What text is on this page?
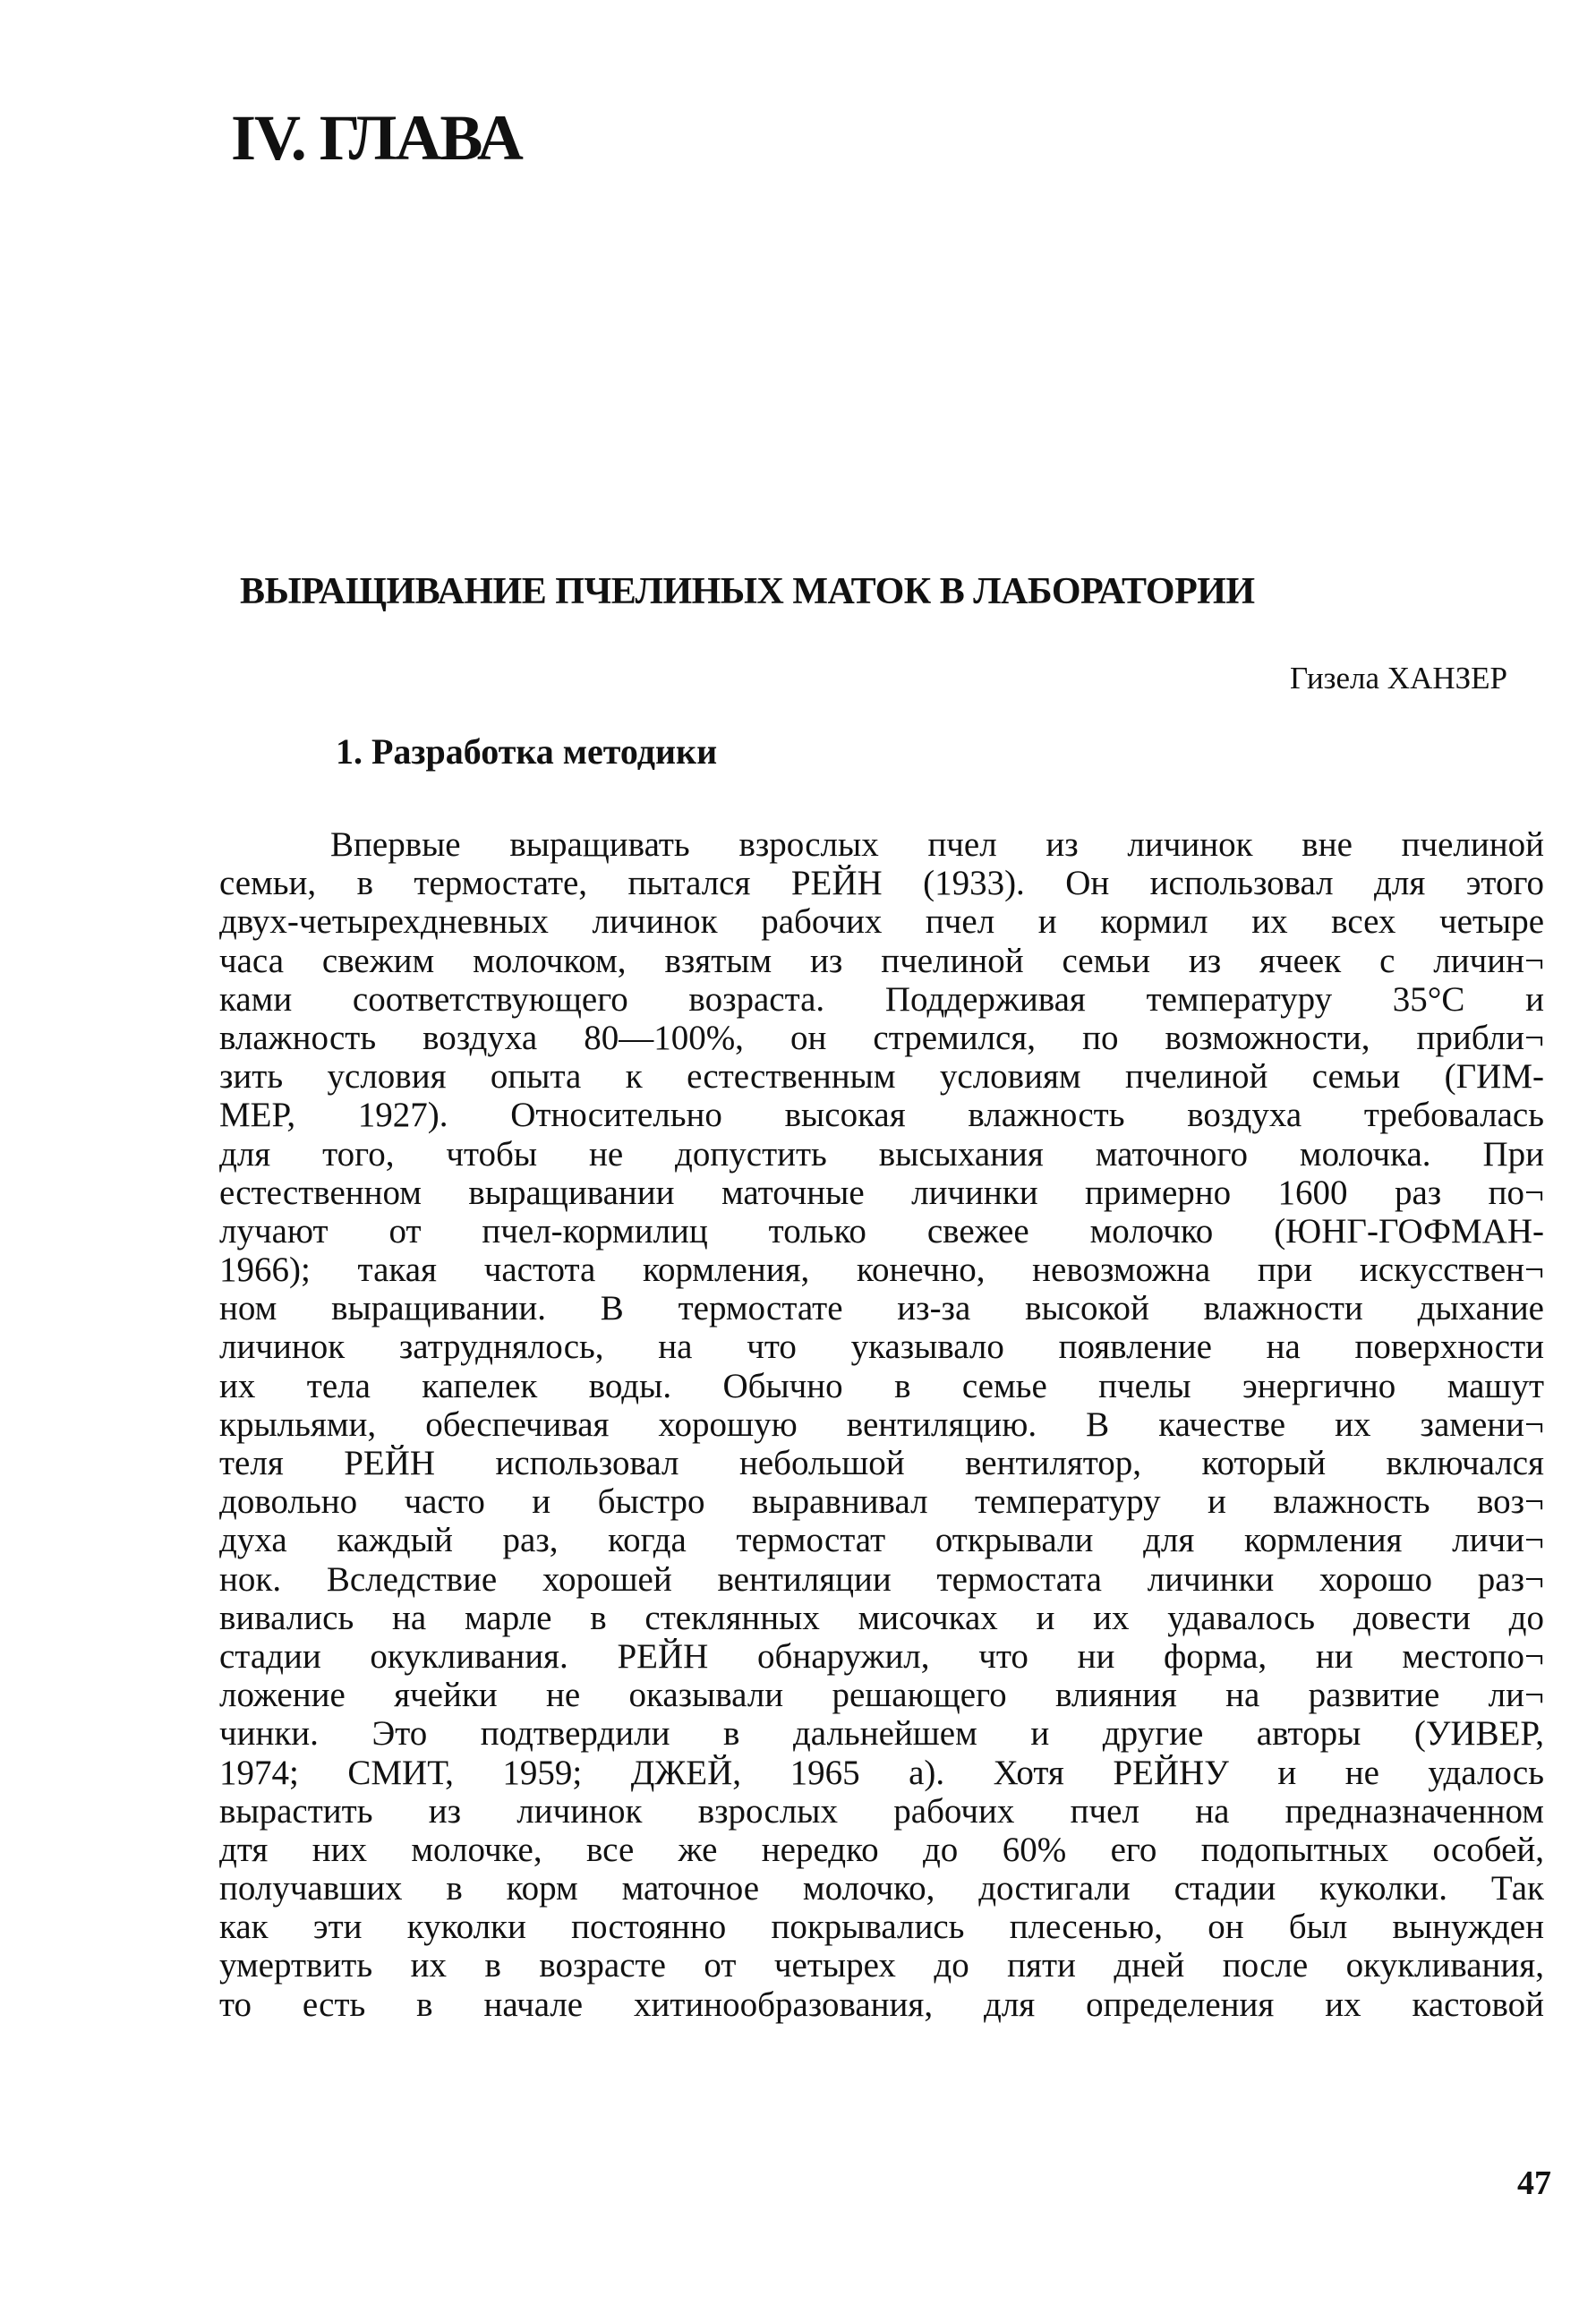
IV. ГЛАВА
ВЫРАЩИВАНИЕ ПЧЕЛИНЫХ МАТОК В ЛАБОРАТОРИИ

Гизела ХАНЗЕР

1. Разработка методики
Впервые выращивать взрослых пчел из личинок вне пчелиной
семьи, в термостате, пытался РЕЙН (1933). Он использовал для этого
двух-четырехдневных личинок рабочих пчел и кормил их всех четыре
часа свежим молочком, взятым из пчелиной семьи из ячеек с личин¬
ками соответствующего возраста. Поддерживая температуру 35°С и
влажность воздуха 80—100%, он стремился, по возможности, прибли¬
зить условия опыта к естественным условиям пчелиной семьи (ГИМ-
МЕР, 1927). Относительно высокая влажность воздуха требовалась
для того, чтобы не допустить высыхания маточного молочка. При
естественном выращивании маточные личинки примерно 1600 раз по¬
лучают от пчел-кормилиц только свежее молочко (ЮНГ-ГОФМАН-
1966); такая частота кормления, конечно, невозможна при искусствен¬
ном выращивании. В термостате из-за высокой влажности дыхание
личинок затруднялось, на что указывало появление на поверхности
их тела капелек воды. Обычно в семье пчелы энергично машут
крыльями, обеспечивая хорошую вентиляцию. В качестве их замени¬
теля РЕЙН использовал небольшой вентилятор, который включался
довольно часто и быстро выравнивал температуру и влажность воз¬
духа каждый раз, когда термостат открывали для кормления личи¬
нок. Вследствие хорошей вентиляции термостата личинки хорошо раз¬
вивались на марле в стеклянных мисочках и их удавалось довести до
стадии окукливания. РЕЙН обнаружил, что ни форма, ни местопо¬
ложение ячейки не оказывали решающего влияния на развитие ли¬
чинки. Это подтвердили в дальнейшем и другие авторы (УИВЕР,
1974; СМИТ, 1959; ДЖЕЙ, 1965 а). Хотя РЕЙНУ и не удалось
вырастить из личинок взрослых рабочих пчел на предназначенном
дтя них молочке, все же нередко до 60% его подопытных особей,
получавших в корм маточное молочко, достигали стадии куколки. Так
как эти куколки постоянно покрывались плесенью, он был вынужден
умертвить их в возрасте от четырех до пяти дней после окукливания,
то есть в начале хитинообразования, для определения их кастовой

47
